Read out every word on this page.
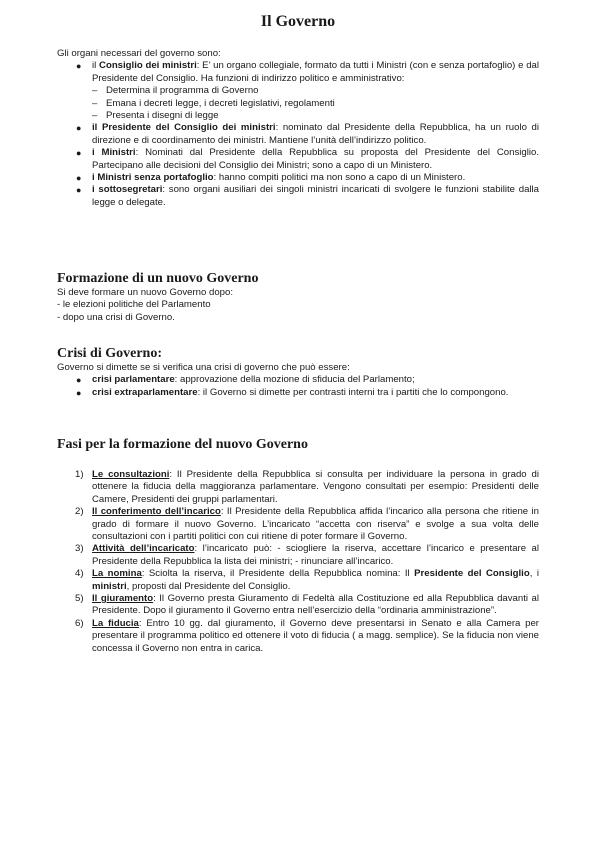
Il Governo
Gli organi necessari del governo sono:
● il Consiglio dei ministri: E’ un organo collegiale, formato da tutti i Ministri (con e senza portafoglio) e dal Presidente del Consiglio. Ha funzioni di indirizzo politico e amministrativo:
– Determina il programma di Governo
– Emana i decreti legge, i decreti legislativi, regolamenti
– Presenta i disegni di legge
● il Presidente del Consiglio dei ministri: nominato dal Presidente della Repubblica, ha un ruolo di direzione e di coordinamento dei ministri. Mantiene l’unità dell’indirizzo politico.
● i Ministri: Nominati dal Presidente della Repubblica su proposta del Presidente del Consiglio. Partecipano alle decisioni del Consiglio dei Ministri; sono a capo di un Ministero.
● i Ministri senza portafoglio: hanno compiti politici ma non sono a capo di un Ministero.
● i sottosegretari: sono organi ausiliari dei singoli ministri incaricati di svolgere le funzioni stabilite dalla legge o delegate.
Formazione di un nuovo Governo
Si deve formare un nuovo Governo dopo:
- le elezioni politiche del Parlamento
- dopo una crisi di Governo.
Crisi di Governo:
Governo si dimette se si verifica una crisi di governo che può essere:
● crisi parlamentare: approvazione della mozione di sfiducia del Parlamento;
● crisi extraparlamentare: il Governo si dimette per contrasti interni tra i partiti che lo compongono.
Fasi per la formazione del nuovo Governo
1) Le consultazioni: Il Presidente della Repubblica si consulta per individuare la persona in grado di ottenere la fiducia della maggioranza parlamentare. Vengono consultati per esempio: Presidenti delle Camere, Presidenti dei gruppi parlamentari.
2) Il conferimento dell’incarico: Il Presidente della Repubblica affida l’incarico alla persona che ritiene in grado di formare il nuovo Governo. L’incaricato “accetta con riserva” e svolge a sua volta delle consultazioni con i partiti politici con cui ritiene di poter formare il Governo.
3) Attività dell’incaricato: l’incaricato può: - sciogliere la riserva, accettare l’incarico e presentare al Presidente della Repubblica la lista dei ministri; - rinunciare all’incarico.
4) La nomina: Sciolta la riserva, il Presidente della Repubblica nomina: Il Presidente del Consiglio, i ministri, proposti dal Presidente del Consiglio.
5) Il giuramento: Il Governo presta Giuramento di Fedeltà alla Costituzione ed alla Repubblica davanti al Presidente. Dopo il giuramento il Governo entra nell’esercizio della “ordinaria amministrazione”.
6) La fiducia: Entro 10 gg. dal giuramento, il Governo deve presentarsi in Senato e alla Camera per presentare il programma politico ed ottenere il voto di fiducia ( a magg. semplice). Se la fiducia non viene concessa il Governo non entra in carica.
